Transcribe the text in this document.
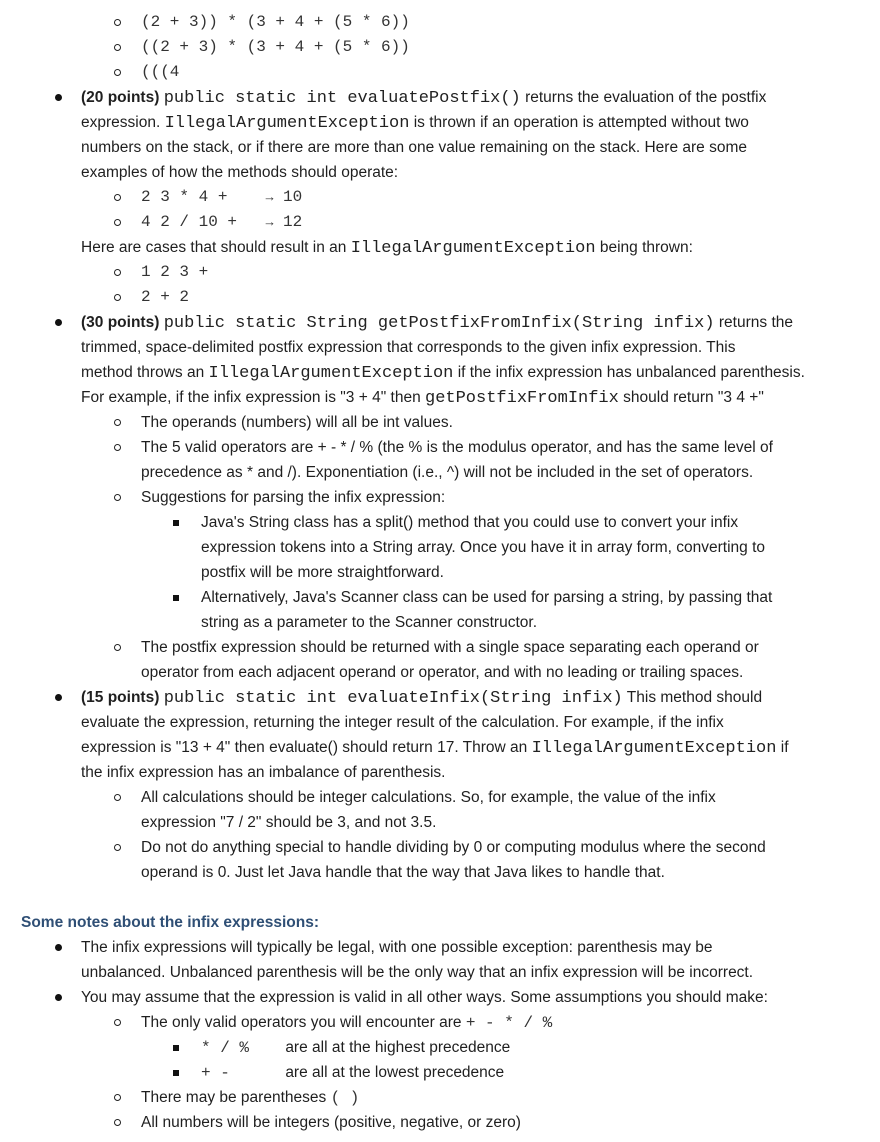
(2 + 3)) * (3 + 4 + (5 * 6))
((2 + 3) * (3 + 4 + (5 * 6))
(((4
(20 points) public static int evaluatePostfix() returns the evaluation of the postfix
expression. IllegalArgumentException is thrown if an operation is attempted without two
numbers on the stack, or if there are more than one value remaining on the stack. Here are some
examples of how the methods should operate:
2 3 * 4 +	→ 10
4 2 / 10 + → 12
Here are cases that should result in an IllegalArgumentException being thrown:
1 2 3 +
2 + 2
(30 points) public static String getPostfixFromInfix(String infix) returns the
trimmed, space-delimited postfix expression that corresponds to the given infix expression. This
method throws an IllegalArgumentException if the infix expression has unbalanced parenthesis.
For example, if the infix expression is "3 + 4" then getPostfixFromInfix should return "3 4 +"
The operands (numbers) will all be int values.
The 5 valid operators are + - * / % (the % is the modulus operator, and has the same level of
precedence as * and /). Exponentiation (i.e., ^) will not be included in the set of operators.
Suggestions for parsing the infix expression:
Java's String class has a split() method that you could use to convert your infix
expression tokens into a String array. Once you have it in array form, converting to
postfix will be more straightforward.
Alternatively, Java's Scanner class can be used for parsing a string, by passing that
string as a parameter to the Scanner constructor.
The postfix expression should be returned with a single space separating each operand or
operator from each adjacent operand or operator, and with no leading or trailing spaces.
(15 points) public static int evaluateInfix(String infix) This method should
evaluate the expression, returning the integer result of the calculation. For example, if the infix
expression is "13 + 4" then evaluate() should return 17. Throw an IllegalArgumentException if
the infix expression has an imbalance of parenthesis.
All calculations should be integer calculations. So, for example, the value of the infix
expression "7 / 2" should be 3, and not 3.5.
Do not do anything special to handle dividing by 0 or computing modulus where the second
operand is 0. Just let Java handle that the way that Java likes to handle that.
Some notes about the infix expressions:
The infix expressions will typically be legal, with one possible exception: parenthesis may be
unbalanced. Unbalanced parenthesis will be the only way that an infix expression will be incorrect.
You may assume that the expression is valid in all other ways. Some assumptions you should make:
The only valid operators you will encounter are + - * / %
* / % are all at the highest precedence
+ -	are all at the lowest precedence
There may be parentheses ( )
All numbers will be integers (positive, negative, or zero)
